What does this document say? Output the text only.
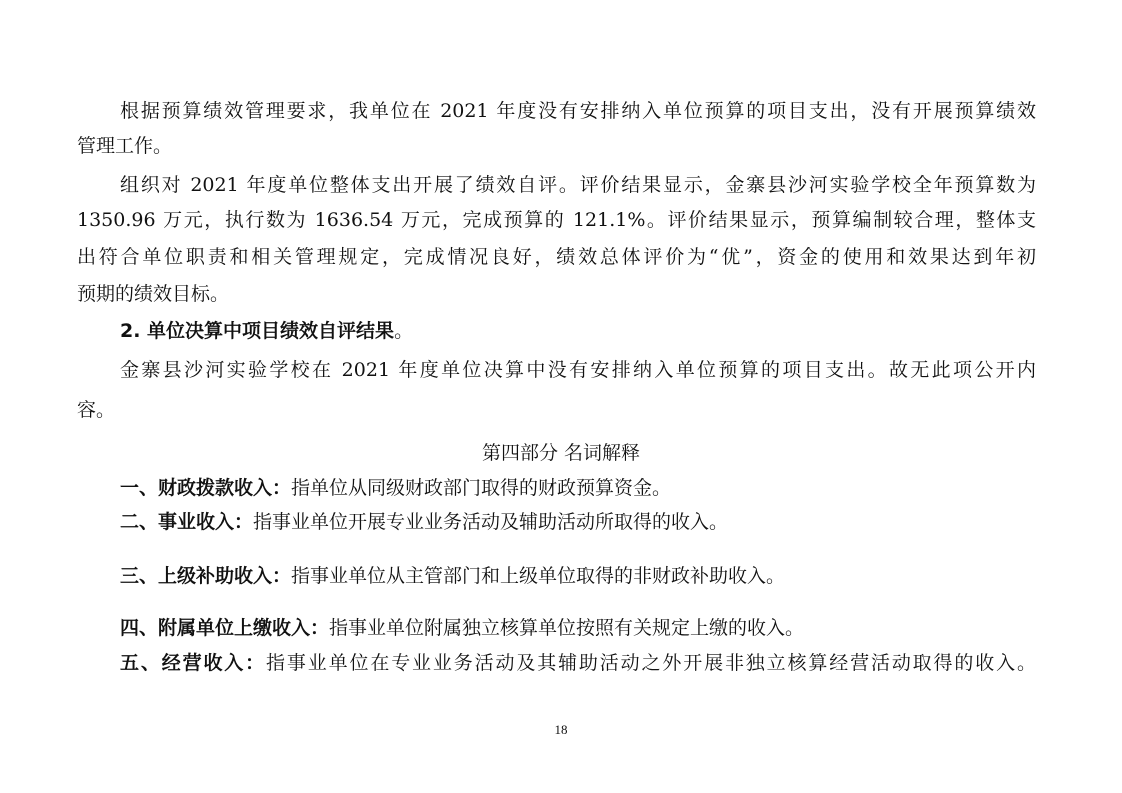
根据预算绩效管理要求，我单位在 2021 年度没有安排纳入单位预算的项目支出，没有开展预算绩效
管理工作。
组织对 2021 年度单位整体支出开展了绩效自评。评价结果显示，金寨县沙河实验学校全年预算数为
1350.96 万元，执行数为 1636.54 万元，完成预算的 121.1%。评价结果显示，预算编制较合理，整体支
出符合单位职责和相关管理规定，完成情况良好，绩效总体评价为“优”，资金的使用和效果达到年初
预期的绩效目标。
2. 单位决算中项目绩效自评结果。
金寨县沙河实验学校在 2021 年度单位决算中没有安排纳入单位预算的项目支出。故无此项公开内
容。
第四部分 名词解释
一、财政拨款收入：指单位从同级财政部门取得的财政预算资金。
二、事业收入：指事业单位开展专业业务活动及辅助活动所取得的收入。
三、上级补助收入：指事业单位从主管部门和上级单位取得的非财政补助收入。
四、附属单位上缴收入：指事业单位附属独立核算单位按照有关规定上缴的收入。
五、经营收入：指事业单位在专业业务活动及其辅助活动之外开展非独立核算经营活动取得的收入。
18
